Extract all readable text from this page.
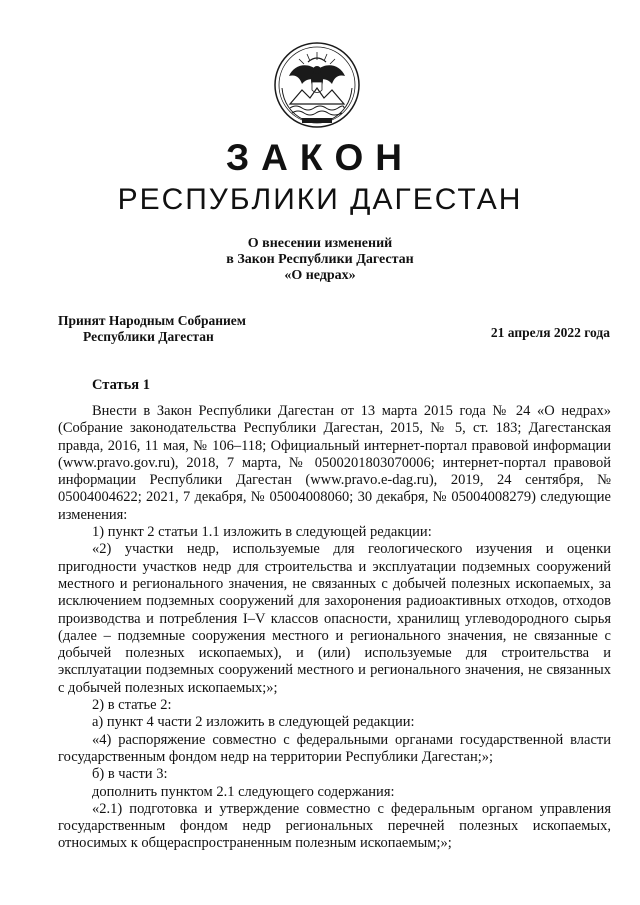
ЗАКОН
РЕСПУБЛИКИ ДАГЕСТАН
О внесении изменений
в Закон Республики Дагестан
«О недрах»
Принят Народным Собранием
Республики Дагестан	21 апреля 2022 года
Статья 1

Внести в Закон Республики Дагестан от 13 марта 2015 года № 24 «О недрах» (Собрание законодательства Республики Дагестан, 2015, № 5, ст. 183; Дагестанская правда, 2016, 11 мая, № 106–118; Официальный интернет-портал правовой информации (www.pravo.gov.ru), 2018, 7 марта, № 0500201803070006; интернет-портал правовой информации Республики Дагестан (www.pravo.e-dag.ru), 2019, 24 сентября, № 05004004622; 2021, 7 декабря, № 05004008060; 30 декабря, № 05004008279) следующие изменения:

1) пункт 2 статьи 1.1 изложить в следующей редакции:

«2) участки недр, используемые для геологического изучения и оценки пригодности участков недр для строительства и эксплуатации подземных сооружений местного и регионального значения, не связанных с добычей полезных ископаемых, за исключением подземных сооружений для захоронения радиоактивных отходов, отходов производства и потребления I–V классов опасности, хранилищ углеводородного сырья (далее – подземные сооружения местного и регионального значения, не связанные с добычей полезных ископаемых), и (или) используемые для строительства и эксплуатации подземных сооружений местного и регионального значения, не связанных с добычей полезных ископаемых;»;

2) в статье 2:

а) пункт 4 части 2 изложить в следующей редакции:

«4) распоряжение совместно с федеральными органами государственной власти государственным фондом недр на территории Республики Дагестан;»;

б) в части 3:

дополнить пунктом 2.1 следующего содержания:

«2.1) подготовка и утверждение совместно с федеральным органом управления государственным фондом недр региональных перечней полезных ископаемых, относимых к общераспространенным полезным ископаемым;»;
